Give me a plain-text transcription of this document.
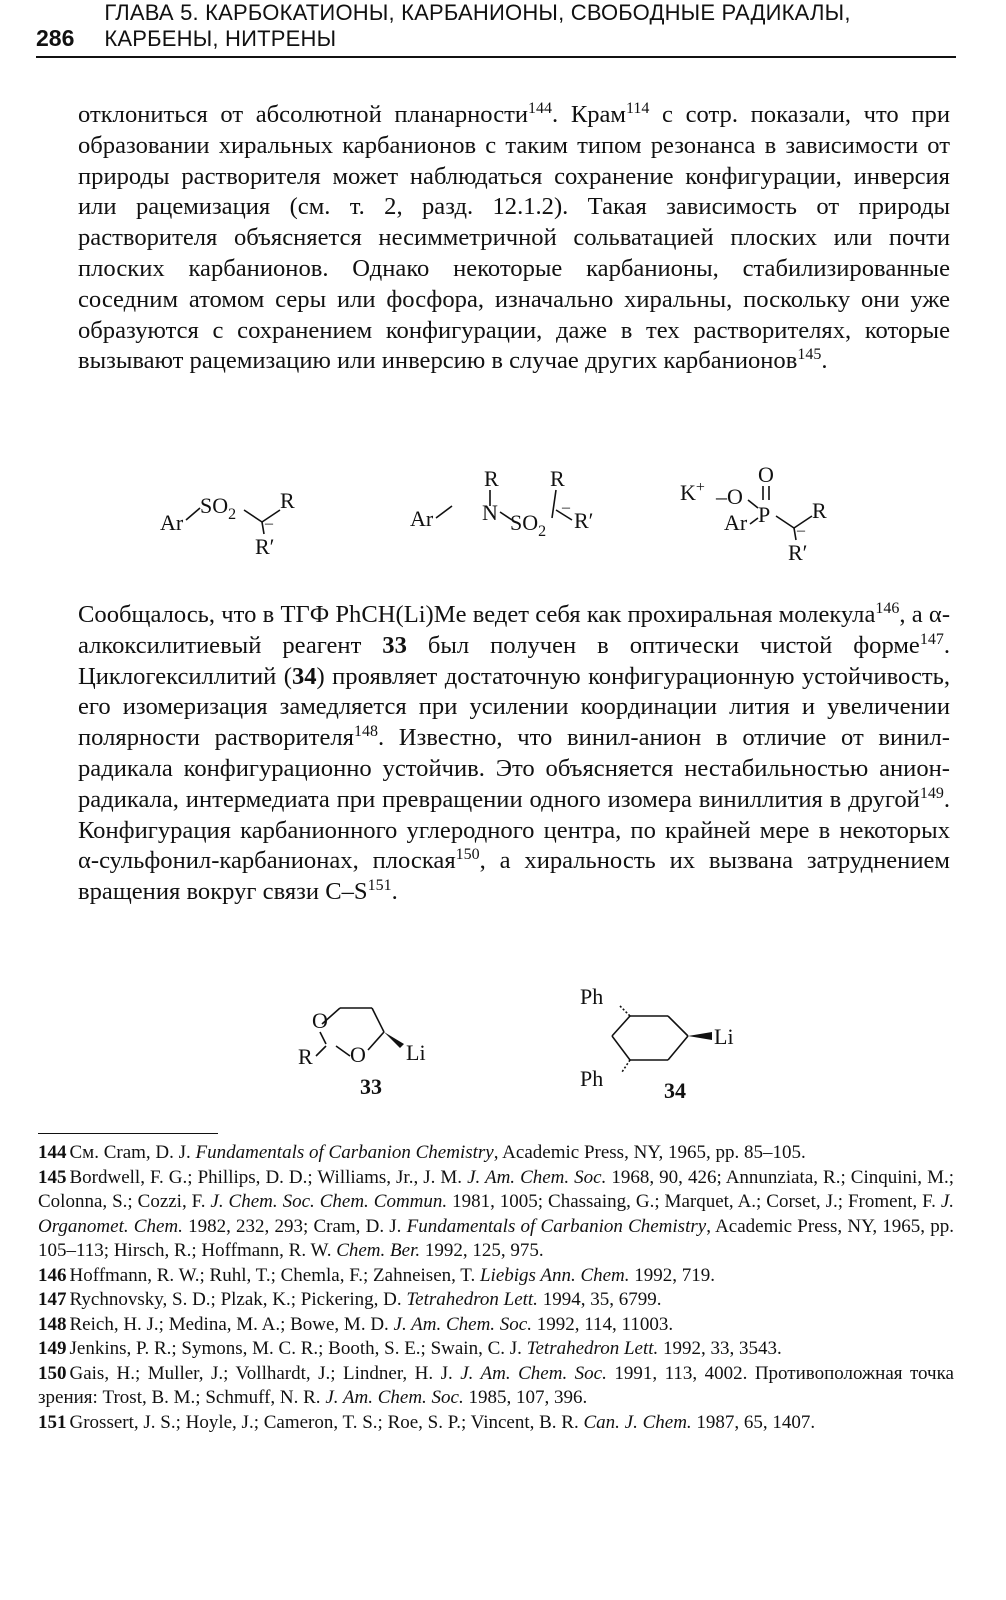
286
ГЛАВА 5. КАРБОКАТИОНЫ, КАРБАНИОНЫ, СВОБОДНЫЕ РАДИКАЛЫ, КАРБЕНЫ, НИТРЕНЫ

отклониться от абсолютной планарности$^{144}$. Крам$^{114}$ с сотр. показали, что при образовании хиральных карбанионов с таким типом резонанса в зависимости от природы растворителя может наблюдаться сохранение конфигурации, инверсия или рацемизация (см. т. 2, разд. 12.1.2). Такая зависимость от природы растворителя объясняется несимметричной сольватацией плоских или почти плоских карбанионов. Однако некоторые карбанионы, стабилизированные соседним атомом серы или фосфора, изначально хиральны, поскольку они уже образуются с сохранением конфигурации, даже в тех растворителях, которые вызывают рацемизацию или инверсию в случае других карбанионов$^{145}$.

Ar
$SO_2$
–
R
R′
R R
Ar N $SO_2$
–
R′
K+
O
–O
P
Ar	–
R
R′

Сообщалось, что в ТГФ PhCH(Li)Me ведет себя как прохиральная молекула$^{146}$, а α-алкоксилитиевый реагент 33 был получен в оптически чистой форме$^{147}$. Циклогексиллитий (34) проявляет достаточную конфигурационную устойчивость, его изомеризация замедляется при усилении координации лития и увеличении полярности растворителя$^{148}$. Известно, что винил-анион в отличие от винил-радикала конфигурационно устойчив. Это объясняется нестабильностью анион-радикала, интермедиата при превращении одного изомера виниллития в другой$^{149}$. Конфигурация карбанионного углеродного центра, по крайней мере в некоторых α-сульфонил-карбанионах, плоская$^{150}$, а хиральность их вызвана затруднением вращения вокруг связи $C-S^{151}$.

O
O
R	Li
33
Ph
Li
Ph	34

144 См. Cram, D. J. Fundamentals of Carbanion Chemistry, Academic Press, NY, 1965, pp. 85–105.

145 Bordwell, F. G.; Phillips, D. D.; Williams, Jr., J. M. J. Am. Chem. Soc. 1968, 90, 426; Annunziata, R.; Cinquini, M.; Colonna, S.; Cozzi, F. J. Chem. Soc. Chem. Commun. 1981, 1005; Chassaing, G.; Marquet, A.; Corset, J.; Froment, F. J. Organomet. Chem. 1982, 232, 293; Cram, D. J. Fundamentals of Carbanion Chemistry, Academic Press, NY, 1965, pp. 105–113; Hirsch, R.; Hoffmann, R. W. Chem. Ber. 1992, 125, 975.

146 Hoffmann, R. W.; Ruhl, T.; Chemla, F.; Zahneisen, T. Liebigs Ann. Chem. 1992, 719.

147 Rychnovsky, S. D.; Plzak, K.; Pickering, D. Tetrahedron Lett. 1994, 35, 6799.

148 Reich, H. J.; Medina, M. A.; Bowe, M. D. J. Am. Chem. Soc. 1992, 114, 11003.

149 Jenkins, P. R.; Symons, M. C. R.; Booth, S. E.; Swain, C. J. Tetrahedron Lett. 1992, 33, 3543.

150 Gais, H.; Muller, J.; Vollhardt, J.; Lindner, H. J. J. Am. Chem. Soc. 1991, 113, 4002. Противоположная точка зрения: Trost, B. M.; Schmuff, N. R. J. Am. Chem. Soc. 1985, 107, 396.

151 Grossert, J. S.; Hoyle, J.; Cameron, T. S.; Roe, S. P.; Vincent, B. R. Can. J. Chem. 1987, 65, 1407.
